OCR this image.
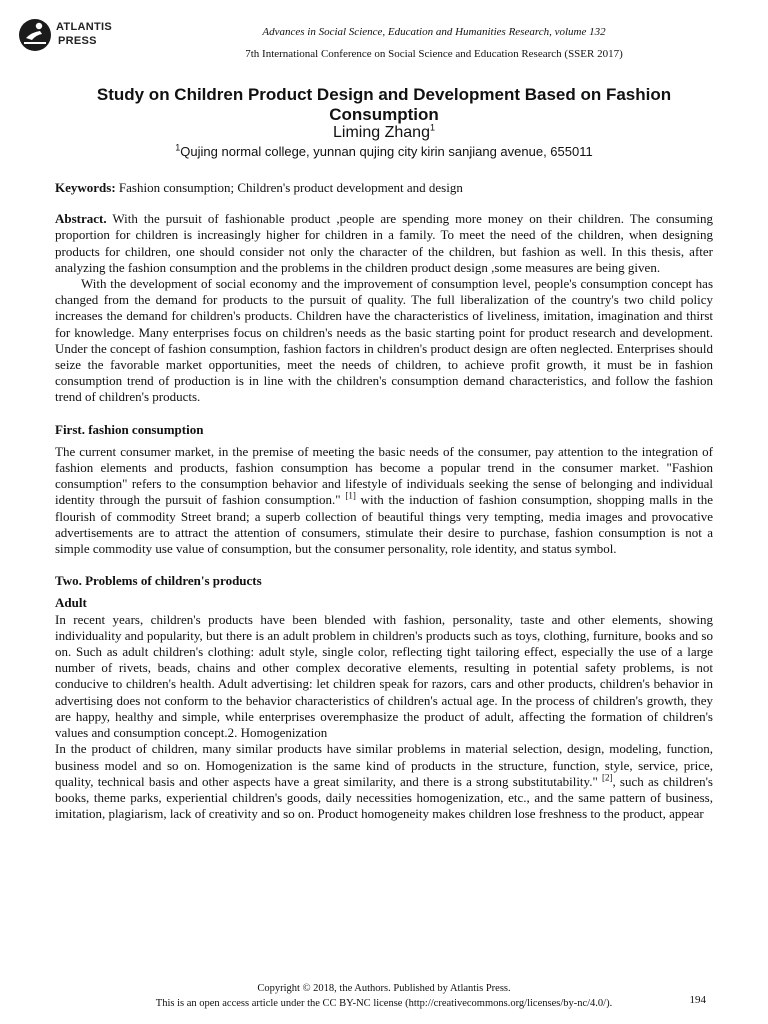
ATLANTIS
PRESS
Advances in Social Science, Education and Humanities Research, volume 132
7th International Conference on Social Science and Education Research (SSER 2017)
Study on Children Product Design and Development Based on Fashion Consumption
Liming Zhang$^1$
$^1$Qujing normal college, yunnan qujing city kirin sanjiang avenue, 655011

Keywords: Fashion consumption; Children's product development and design

Abstract. With the pursuit of fashionable product ,people are spending more money on their children. The consuming proportion for children is increasingly higher for children in a family. To meet the need of the children, when designing products for children, one should consider not only the character of the children, but fashion as well. In this thesis, after analyzing the fashion consumption and the problems in the children product design ,some measures are being given.

With the development of social economy and the improvement of consumption level, people's consumption concept has changed from the demand for products to the pursuit of quality. The full liberalization of the country's two child policy increases the demand for children's products. Children have the characteristics of liveliness, imitation, imagination and thirst for knowledge. Many enterprises focus on children's needs as the basic starting point for product research and development. Under the concept of fashion consumption, fashion factors in children's product design are often neglected. Enterprises should seize the favorable market opportunities, meet the needs of children, to achieve profit growth, it must be in fashion consumption trend of production is in line with the children's consumption demand characteristics, and follow the fashion trend of children's products.

First. fashion consumption

The current consumer market, in the premise of meeting the basic needs of the consumer, pay attention to the integration of fashion elements and products, fashion consumption has become a popular trend in the consumer market. "Fashion consumption" refers to the consumption behavior and lifestyle of individuals seeking the sense of belonging and individual identity through the pursuit of fashion consumption." [1] with the induction of fashion consumption, shopping malls in the flourish of commodity Street brand; a superb collection of beautiful things very tempting, media images and provocative advertisements are to attract the attention of consumers, stimulate their desire to purchase, fashion consumption is not a simple commodity use value of consumption, but the consumer personality, role identity, and status symbol.

Two. Problems of children's products

Adult

In recent years, children's products have been blended with fashion, personality, taste and other elements, showing individuality and popularity, but there is an adult problem in children's products such as toys, clothing, furniture, books and so on. Such as adult children's clothing: adult style, single color, reflecting tight tailoring effect, especially the use of a large number of rivets, beads, chains and other complex decorative elements, resulting in potential safety problems, is not conducive to children's health. Adult advertising: let children speak for razors, cars and other products, children's behavior in advertising does not conform to the behavior characteristics of children's actual age. In the process of children's growth, they are happy, healthy and simple, while enterprises overemphasize the product of adult, affecting the formation of children's values and consumption concept.2. Homogenization

In the product of children, many similar products have similar problems in material selection, design, modeling, function, business model and so on. Homogenization is the same kind of products in the structure, function, style, service, price, quality, technical basis and other aspects have a great similarity, and there is a strong substitutability." [2], such as children's books, theme parks, experiential children's goods, daily necessities homogenization, etc., and the same pattern of business, imitation, plagiarism, lack of creativity and so on. Product homogeneity makes children lose freshness to the product, appear

Copyright © 2018, the Authors. Published by Atlantis Press.
This is an open access article under the CC BY-NC license (http://creativecommons.org/licenses/by-nc/4.0/).	194
